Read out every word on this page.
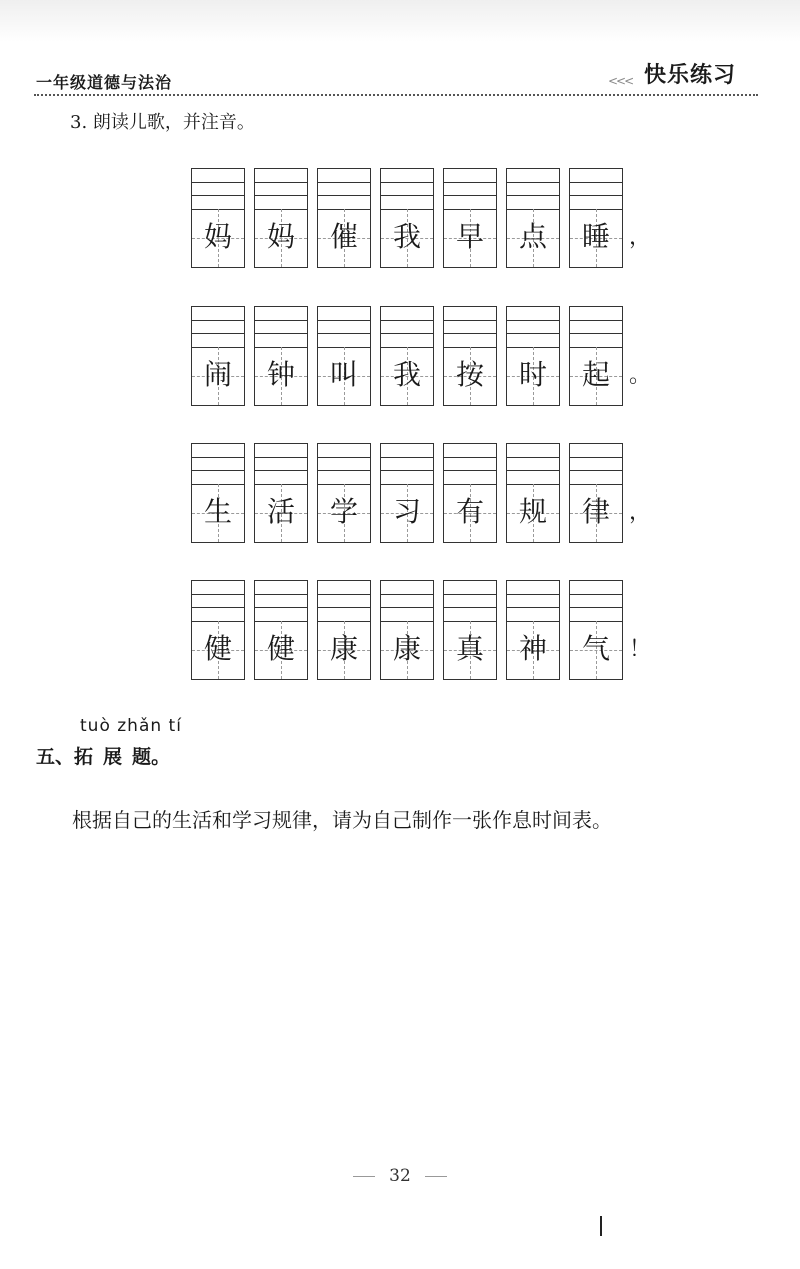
一年级道德与法治	<<< 快乐练习
3. 朗读儿歌，并注音。
妈	妈	催	我	早	点	睡 ，
闹	钟	叫	我	按	时	起 。
生	活	学	习	有	规	律 ，
健	健	康	康	真	神	气 ！
tuò zhǎn tí
五、拓 展 题。
根据自己的生活和学习规律，请为自己制作一张作息时间表。
32
